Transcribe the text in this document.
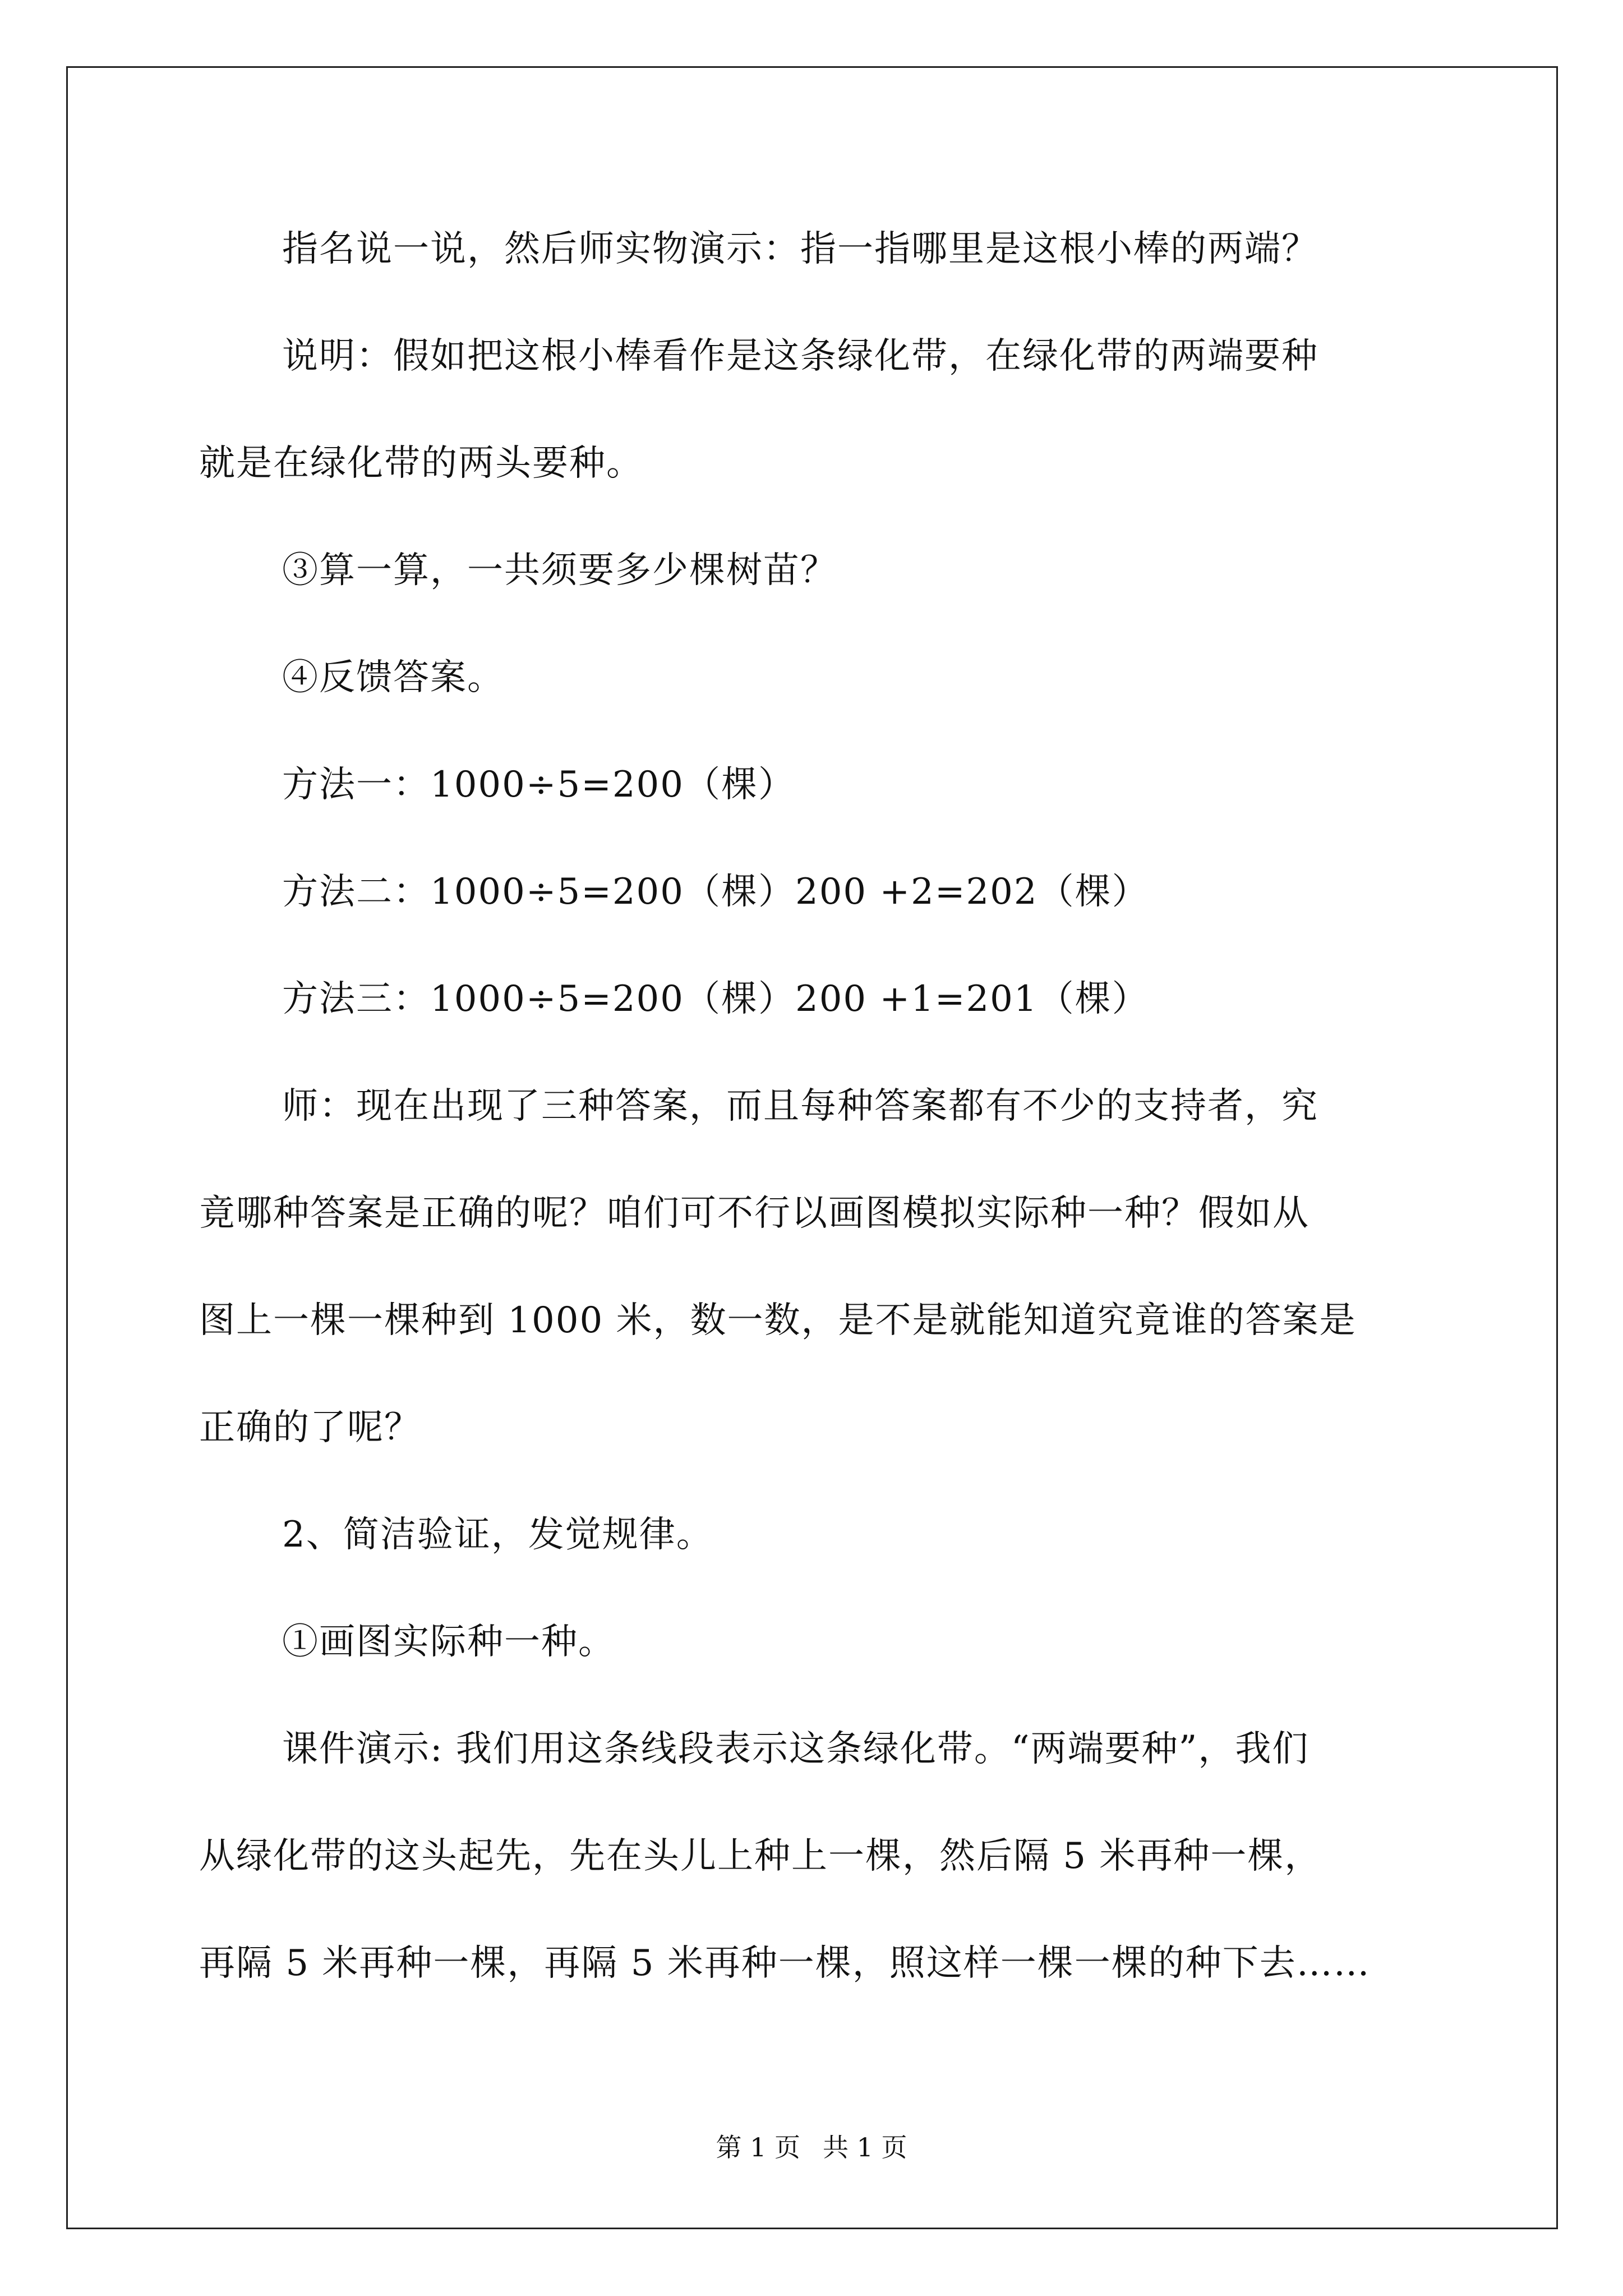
指名说一说，然后师实物演示：指一指哪里是这根小棒的两端？
说明：假如把这根小棒看作是这条绿化带，在绿化带的两端要种
就是在绿化带的两头要种。
③算一算，一共须要多少棵树苗？
④反馈答案。
方法一：1000÷5=200（棵）
方法二：1000÷5=200（棵）200 +2=202（棵）
方法三：1000÷5=200（棵）200 +1=201（棵）
师：现在出现了三种答案，而且每种答案都有不少的支持者，究
竟哪种答案是正确的呢？咱们可不行以画图模拟实际种一种？假如从
图上一棵一棵种到 1000 米，数一数，是不是就能知道究竟谁的答案是
正确的了呢？
2、简洁验证，发觉规律。
①画图实际种一种。
课件演示: 我们用这条线段表示这条绿化带。“两端要种”，我们
从绿化带的这头起先，先在头儿上种上一棵，然后隔 5 米再种一棵，
再隔 5 米再种一棵，再隔 5 米再种一棵，照这样一棵一棵的种下去……
第 1 页 共 1 页
